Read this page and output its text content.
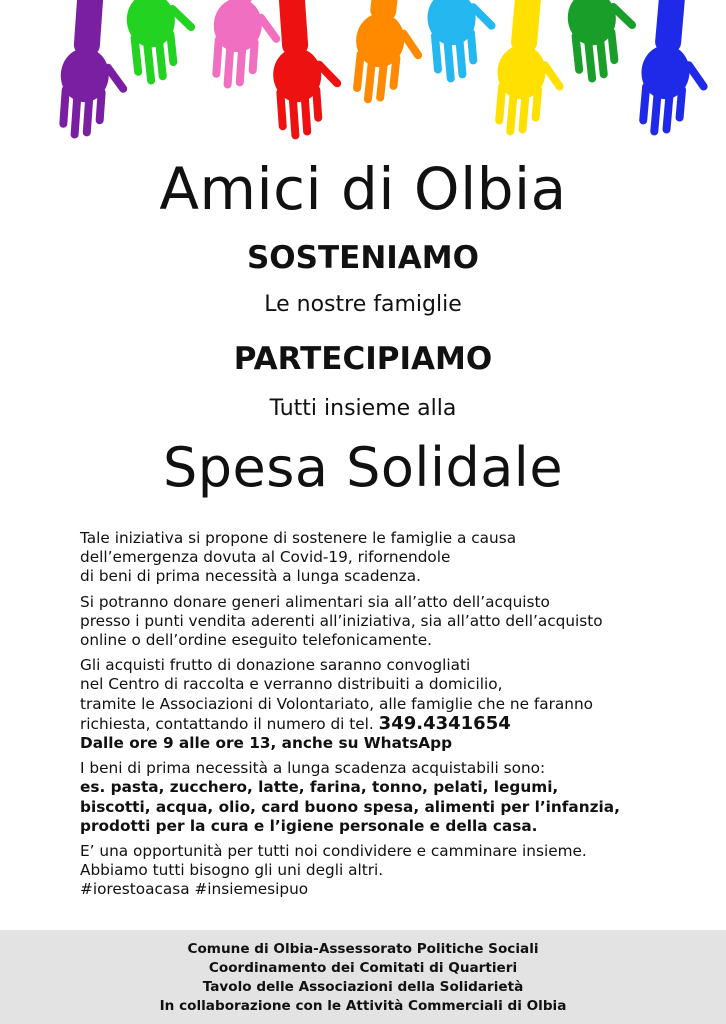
Amici di Olbia
SOSTENIAMO
Le nostre famiglie
PARTECIPIAMO
Tutti insieme alla
Spesa Solidale

Tale iniziativa si propone di sostenere le famiglie a causa
dell’emergenza dovuta al Covid-19, rifornendole
di beni di prima necessità a lunga scadenza.

Si potranno donare generi alimentari sia all’atto dell’acquisto
presso i punti vendita aderenti all’iniziativa, sia all’atto dell’acquisto
online o dell’ordine eseguito telefonicamente.

Gli acquisti frutto di donazione saranno convogliati
nel Centro di raccolta e verranno distribuiti a domicilio,
tramite le Associazioni di Volontariato, alle famiglie che ne faranno
richiesta, contattando il numero di tel. 349.4341654
Dalle ore 9 alle ore 13, anche su WhatsApp

I beni di prima necessità a lunga scadenza acquistabili sono:
es. pasta, zucchero, latte, farina, tonno, pelati, legumi,
biscotti, acqua, olio, card buono spesa, alimenti per l’infanzia,
prodotti per la cura e l’igiene personale e della casa.

E’ una opportunità per tutti noi condividere e camminare insieme.
Abbiamo tutti bisogno gli uni degli altri.
#iorestoacasa #insiemesipuo

Comune di Olbia-Assessorato Politiche Sociali
Coordinamento dei Comitati di Quartieri
Tavolo delle Associazioni della Solidarietà
In collaborazione con le Attività Commerciali di Olbia
